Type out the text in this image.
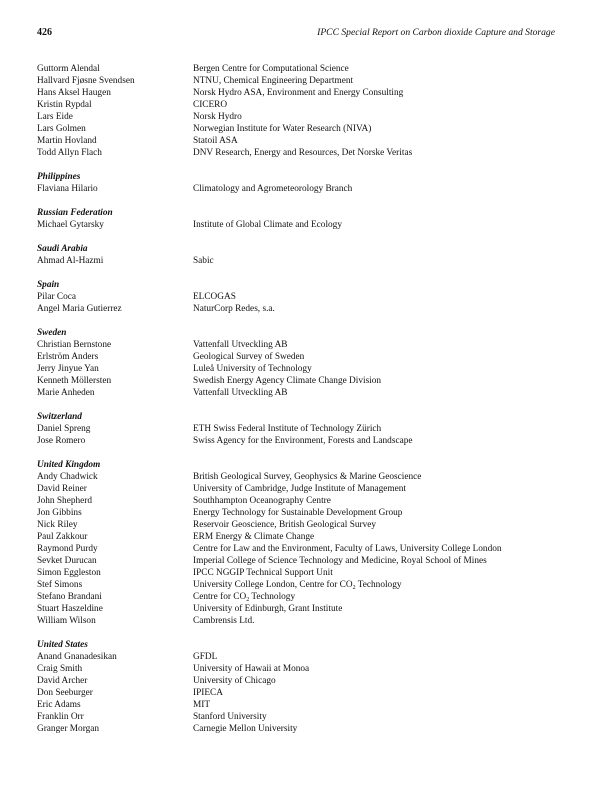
426	IPCC Special Report on Carbon dioxide Capture and Storage
Guttorm Alendal	Bergen Centre for Computational Science
Hallvard Fjøsne Svendsen	NTNU, Chemical Engineering Department
Hans Aksel Haugen	Norsk Hydro ASA, Environment and Energy Consulting
Kristin Rypdal	CICERO
Lars Eide	Norsk Hydro
Lars Golmen	Norwegian Institute for Water Research (NIVA)
Martin Hovland	Statoil ASA
Todd Allyn Flach	DNV Research, Energy and Resources, Det Norske Veritas
Philippines
Flaviana Hilario	Climatology and Agrometeorology Branch
Russian Federation
Michael Gytarsky	Institute of Global Climate and Ecology
Saudi Arabia
Ahmad Al-Hazmi	Sabic
Spain
Pilar Coca	ELCOGAS
Angel Maria Gutierrez	NaturCorp Redes, s.a.
Sweden
Christian Bernstone	Vattenfall Utveckling AB
Erlström Anders	Geological Survey of Sweden
Jerry Jinyue Yan	Luleå University of Technology
Kenneth Möllersten	Swedish Energy Agency Climate Change Division
Marie Anheden	Vattenfall Utveckling AB
Switzerland
Daniel Spreng	ETH Swiss Federal Institute of Technology Zürich
Jose Romero	Swiss Agency for the Environment, Forests and Landscape
United Kingdom
Andy Chadwick	British Geological Survey, Geophysics & Marine Geoscience
David Reiner	University of Cambridge, Judge Institute of Management
John Shepherd	Southhampton Oceanography Centre
Jon Gibbins	Energy Technology for Sustainable Development Group
Nick Riley	Reservoir Geoscience, British Geological Survey
Paul Zakkour	ERM Energy & Climate Change
Raymond Purdy	Centre for Law and the Environment, Faculty of Laws, University College London
Sevket Durucan	Imperial College of Science Technology and Medicine, Royal School of Mines
Simon Eggleston	IPCC NGGIP Technical Support Unit
Stef Simons	University College London, Centre for $CO_2$ Technology
Stefano Brandani	Centre for $CO_2$ Technology
Stuart Haszeldine	University of Edinburgh, Grant Institute
William Wilson	Cambrensis Ltd.
United States
Anand Gnanadesikan	GFDL
Craig Smith	University of Hawaii at Monoa
David Archer	University of Chicago
Don Seeburger	IPIECA
Eric Adams	MIT
Franklin Orr	Stanford University
Granger Morgan	Carnegie Mellon University
